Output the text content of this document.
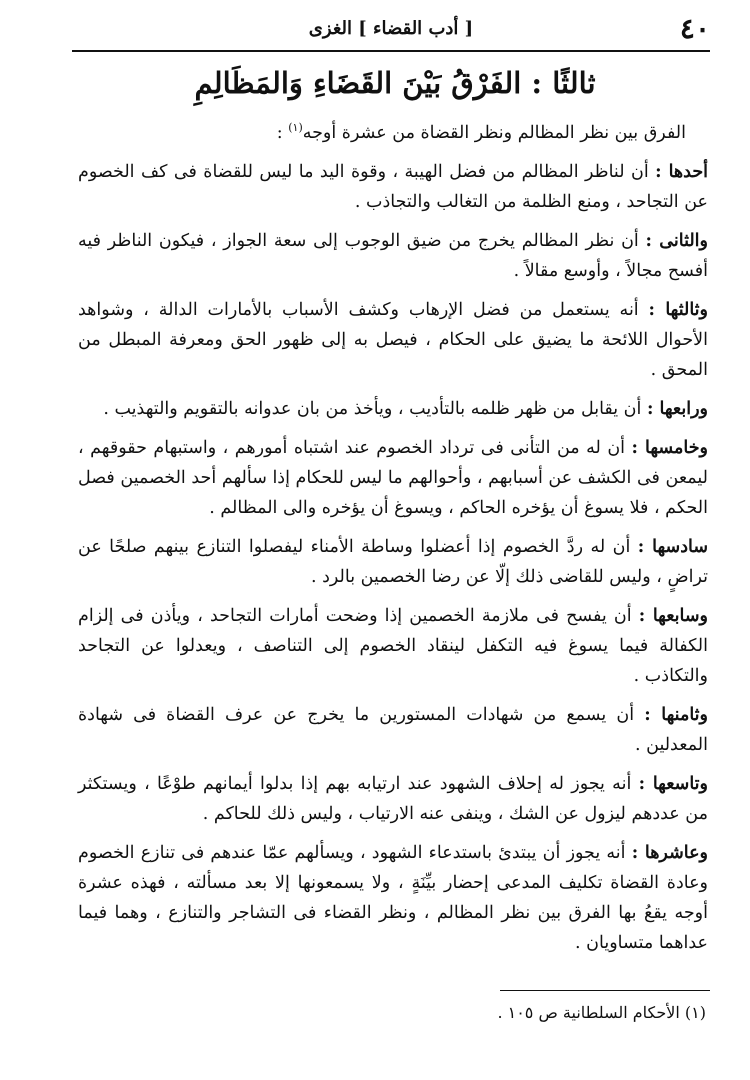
٤٠
[ أدب القضاء ] الغزى
ثالثًا : الفَرْقُ بَيْنَ القَضَاءِ وَالمَظَالِمِ

الفرق بين نظر المظالم ونظر القضاة من عشرة أوجه$^{(١)}$ :

أحدها : أن لناظر المظالم من فضل الهيبة ، وقوة اليد ما ليس للقضاة فى كف الخصوم عن التجاحد ، ومنع الظلمة من التغالب والتجاذب .

والثانى : أن نظر المظالم يخرج من ضيق الوجوب إلى سعة الجواز ، فيكون الناظر فيه أفسح مجالاً ، وأوسع مقالاً .

وثالثها : أنه يستعمل من فضل الإرهاب وكشف الأسباب بالأمارات الدالة ، وشواهد الأحوال اللائحة ما يضيق على الحكام ، فيصل به إلى ظهور الحق ومعرفة المبطل من المحق .

ورابعها : أن يقابل من ظهر ظلمه بالتأديب ، ويأخذ من بان عدوانه بالتقويم والتهذيب .

وخامسها : أن له من التأنى فى ترداد الخصوم عند اشتباه أمورهم ، واستبهام حقوقهم ، ليمعن فى الكشف عن أسبابهم ، وأحوالهم ما ليس للحكام إذا سألهم أحد الخصمين فصل الحكم ، فلا يسوغ أن يؤخره الحاكم ، ويسوغ أن يؤخره والى المظالم .

سادسها : أن له ردَّ الخصوم إذا أعضلوا وساطة الأمناء ليفصلوا التنازع بينهم صلحًا عن تراضٍ ، وليس للقاضى ذلك إلّا عن رضا الخصمين بالرد .

وسابعها : أن يفسح فى ملازمة الخصمين إذا وضحت أمارات التجاحد ، ويأذن فى إلزام الكفالة فيما يسوغ فيه التكفل لينقاد الخصوم إلى التناصف ، ويعدلوا عن التجاحد والتكاذب .

وثامنها : أن يسمع من شهادات المستورين ما يخرج عن عرف القضاة فى شهادة المعدلين .

وتاسعها : أنه يجوز له إحلاف الشهود عند ارتيابه بهم إذا بدلوا أيمانهم طوْعًا ، ويستكثر من عددهم ليزول عن الشك ، وينفى عنه الارتياب ، وليس ذلك للحاكم .

وعاشرها : أنه يجوز أن يبتدئ باستدعاء الشهود ، ويسألهم عمّا عندهم فى تنازع الخصوم وعادة القضاة تكليف المدعى إحضار بيِّنَةٍ ، ولا يسمعونها إلا بعد مسألته ، فهذه عشرة أوجه يقعُ بها الفرق بين نظر المظالم ، ونظر القضاء فى التشاجر والتنازع ، وهما فيما عداهما متساويان .

(١) الأحكام السلطانية ص ١٠٥ .
